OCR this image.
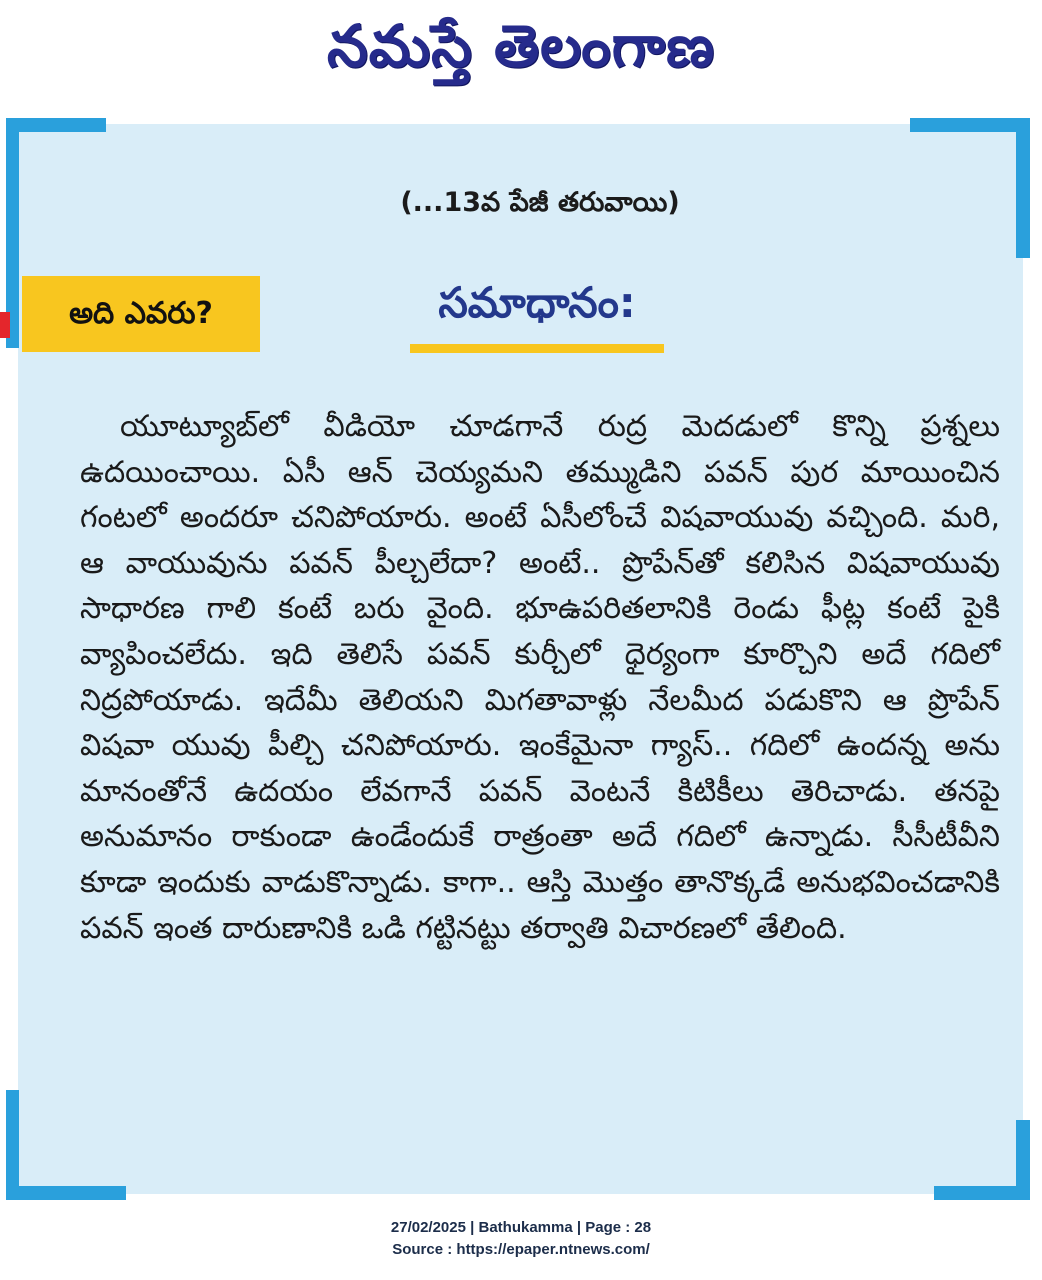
నమస్తే తెలంగాణ
(...13వ పేజీ తరువాయి)
అది ఎవరు?	సమాధానం:

యూట్యూబ్‌లో వీడియో చూడగానే రుద్ర మెదడులో కొన్ని ప్రశ్నలు ఉదయించాయి. ఏసీ ఆన్ చెయ్యమని తమ్ముడిని పవన్ పుర మాయించిన గంటలో అందరూ చనిపోయారు. అంటే ఏసీలోంచే విషవాయువు వచ్చింది. మరి, ఆ వాయువును పవన్ పీల్చలేదా? అంటే.. ప్రొపేన్‌తో కలిసిన విషవాయువు సాధారణ గాలి కంటే బరు వైంది. భూఉపరితలానికి రెండు ఫీట్ల కంటే పైకి వ్యాపించలేదు. ఇది తెలిసే పవన్ కుర్చీలో ధైర్యంగా కూర్చొని అదే గదిలో నిద్రపోయాడు. ఇదేమీ తెలియని మిగతావాళ్లు నేలమీద పడుకొని ఆ ప్రొపేన్ విషవా యువు పీల్చి చనిపోయారు. ఇంకేమైనా గ్యాస్.. గదిలో ఉందన్న అను మానంతోనే ఉదయం లేవగానే పవన్ వెంటనే కిటికీలు తెరిచాడు. తనపై అనుమానం రాకుండా ఉండేందుకే రాత్రంతా అదే గదిలో ఉన్నాడు. సీసీటీవీని కూడా ఇందుకు వాడుకొన్నాడు. కాగా.. ఆస్తి మొత్తం తానొక్కడే అనుభవించడానికి పవన్ ఇంత దారుణానికి ఒడి గట్టినట్టు తర్వాతి విచారణలో తేలింది.

27/02/2025 | Bathukamma | Page : 28
Source : https://epaper.ntnews.com/
